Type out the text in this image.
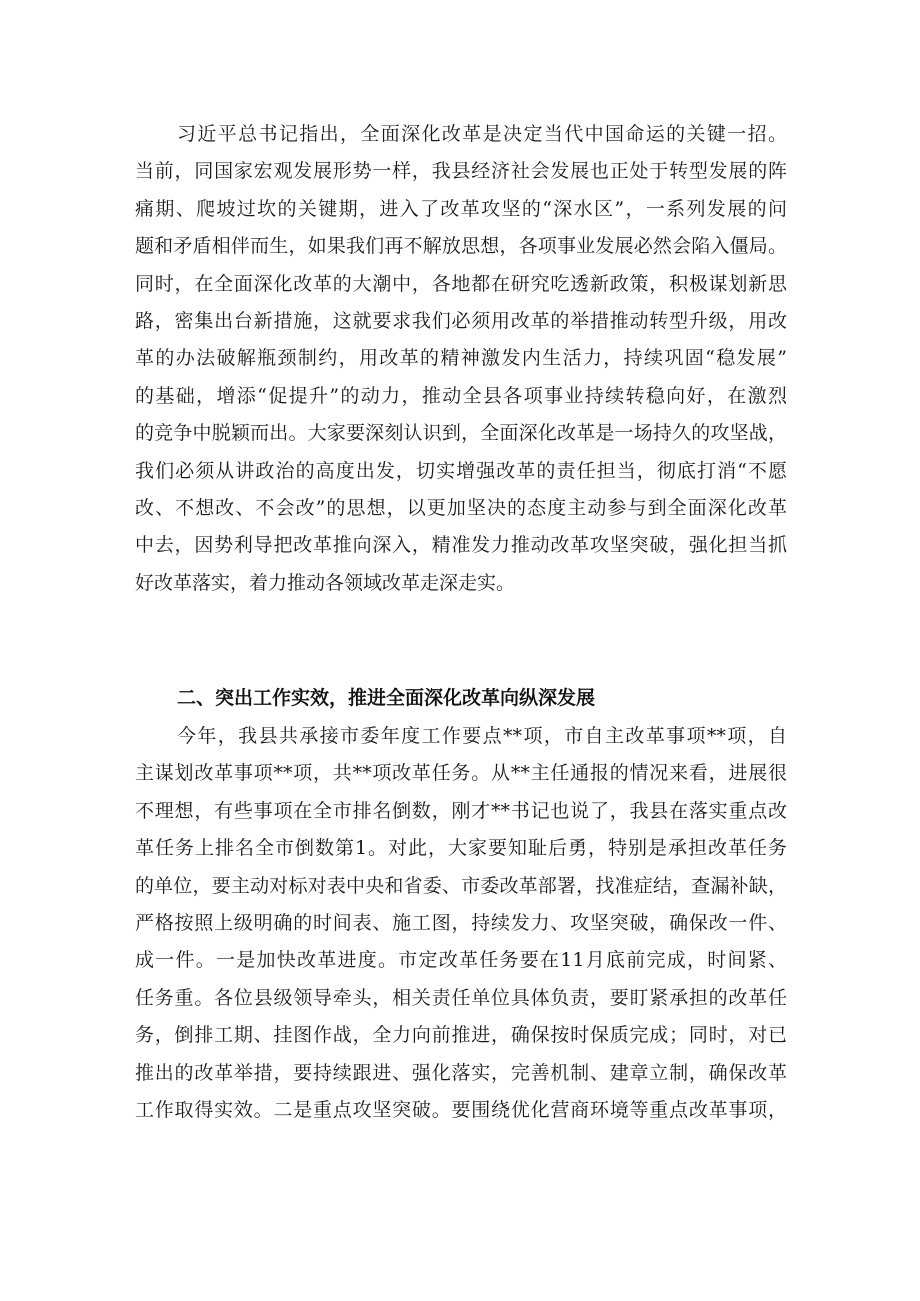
习近平总书记指出，全面深化改革是决定当代中国命运的关键一招。
当前，同国家宏观发展形势一样，我县经济社会发展也正处于转型发展的阵
痛期、爬坡过坎的关键期，进入了改革攻坚的“深水区”，一系列发展的问
题和矛盾相伴而生，如果我们再不解放思想，各项事业发展必然会陷入僵局。
同时，在全面深化改革的大潮中，各地都在研究吃透新政策，积极谋划新思
路，密集出台新措施，这就要求我们必须用改革的举措推动转型升级，用改
革的办法破解瓶颈制约，用改革的精神激发内生活力，持续巩固“稳发展”
的基础，增添“促提升”的动力，推动全县各项事业持续转稳向好，在激烈
的竞争中脱颖而出。大家要深刻认识到，全面深化改革是一场持久的攻坚战，
我们必须从讲政治的高度出发，切实增强改革的责任担当，彻底打消“不愿
改、不想改、不会改”的思想，以更加坚决的态度主动参与到全面深化改革
中去，因势利导把改革推向深入，精准发力推动改革攻坚突破，强化担当抓
好改革落实，着力推动各领域改革走深走实。
二、突出工作实效，推进全面深化改革向纵深发展
今年，我县共承接市委年度工作要点**项，市自主改革事项**项，自
主谋划改革事项**项，共**项改革任务。从**主任通报的情况来看，进展很
不理想，有些事项在全市排名倒数，刚才**书记也说了，我县在落实重点改
革任务上排名全市倒数第1。对此，大家要知耻后勇，特别是承担改革任务
的单位，要主动对标对表中央和省委、市委改革部署，找准症结，查漏补缺，
严格按照上级明确的时间表、施工图，持续发力、攻坚突破，确保改一件、
成一件。一是加快改革进度。市定改革任务要在11月底前完成，时间紧、
任务重。各位县级领导牵头，相关责任单位具体负责，要盯紧承担的改革任
务，倒排工期、挂图作战，全力向前推进，确保按时保质完成；同时，对已
推出的改革举措，要持续跟进、强化落实，完善机制、建章立制，确保改革
工作取得实效。二是重点攻坚突破。要围绕优化营商环境等重点改革事项，
